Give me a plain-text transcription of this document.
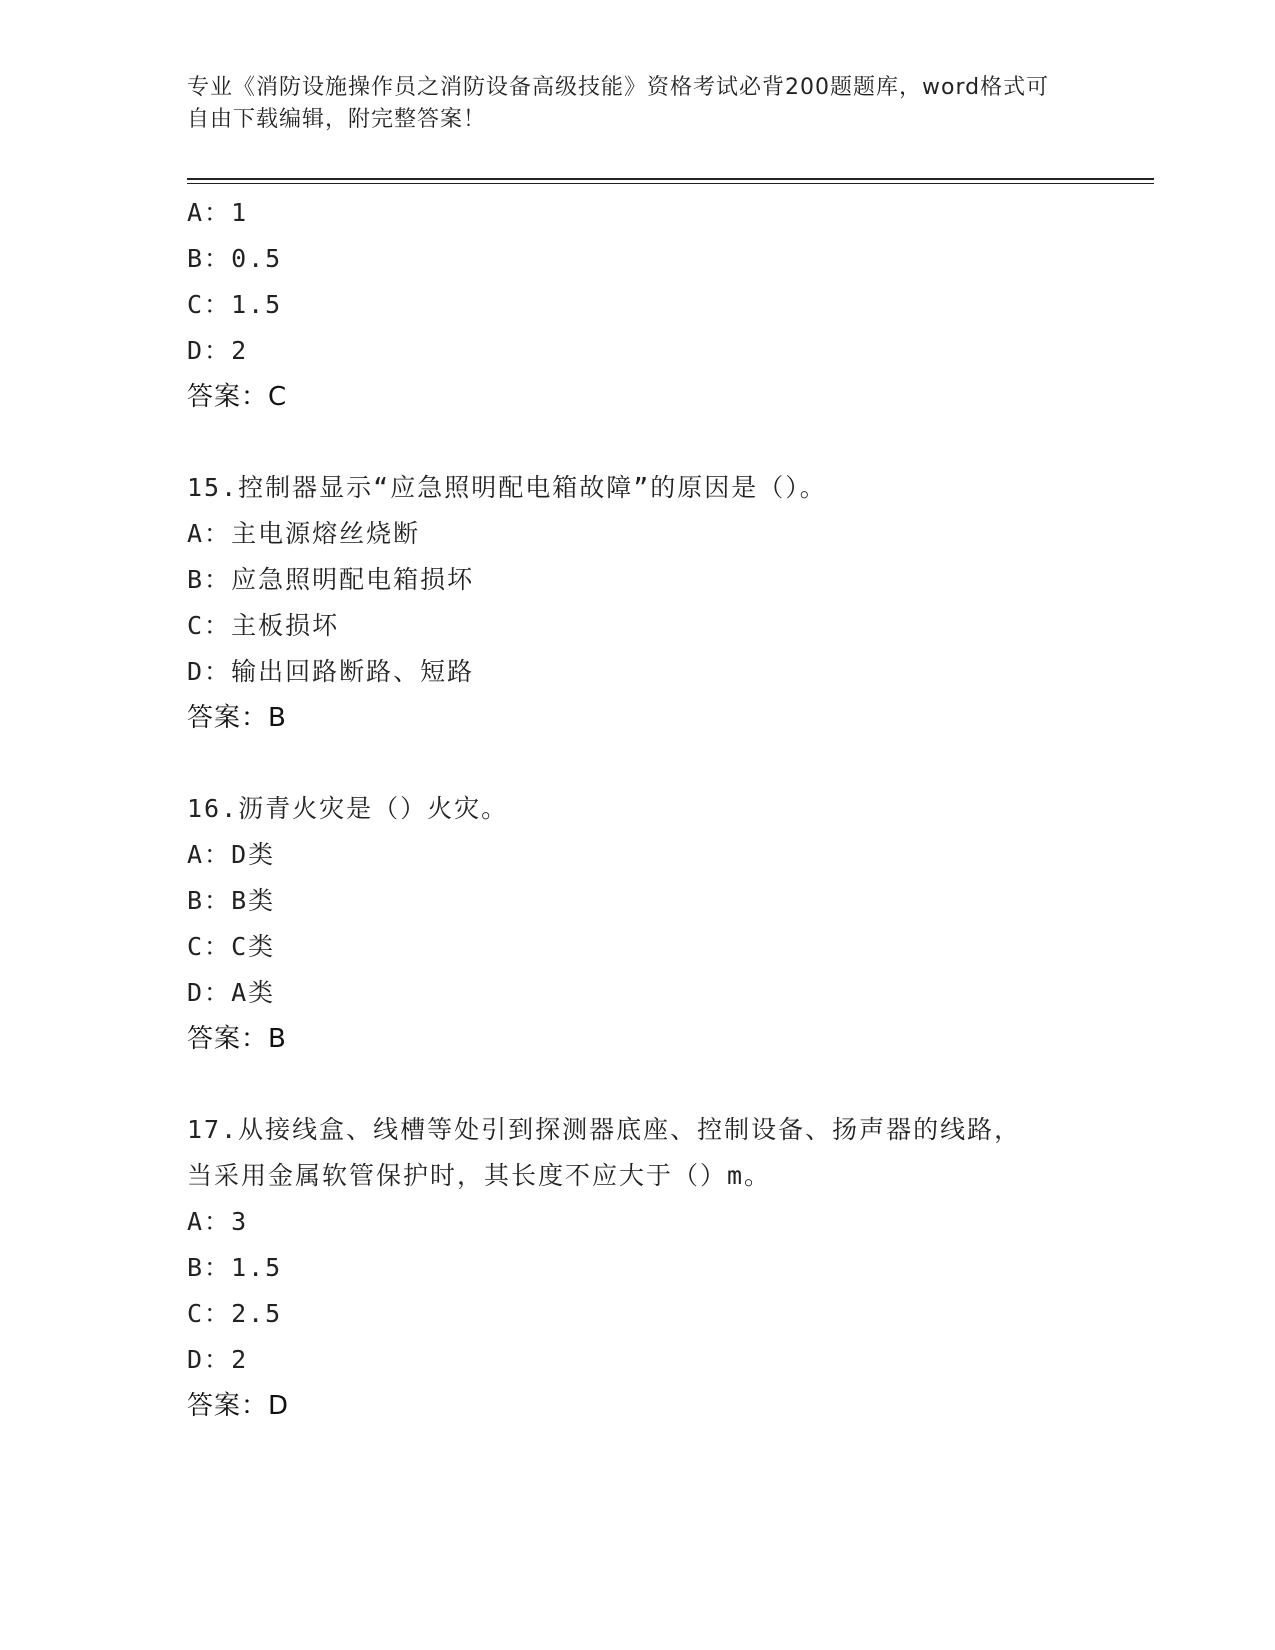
专业《消防设施操作员之消防设备高级技能》资格考试必背200题题库，word格式可自由下载编辑，附完整答案！
A：1
B：0.5
C：1.5
D：2
答案：C
15.控制器显示“应急照明配电箱故障”的原因是（）。
A：主电源熔丝烧断
B：应急照明配电箱损坏
C：主板损坏
D：输出回路断路、短路
答案：B
16.沥青火灾是（）火灾。
A：D类
B：B类
C：C类
D：A类
答案：B
17.从接线盒、线槽等处引到探测器底座、控制设备、扬声器的线路，当采用金属软管保护时，其长度不应大于（）m。
A：3
B：1.5
C：2.5
D：2
答案：D
